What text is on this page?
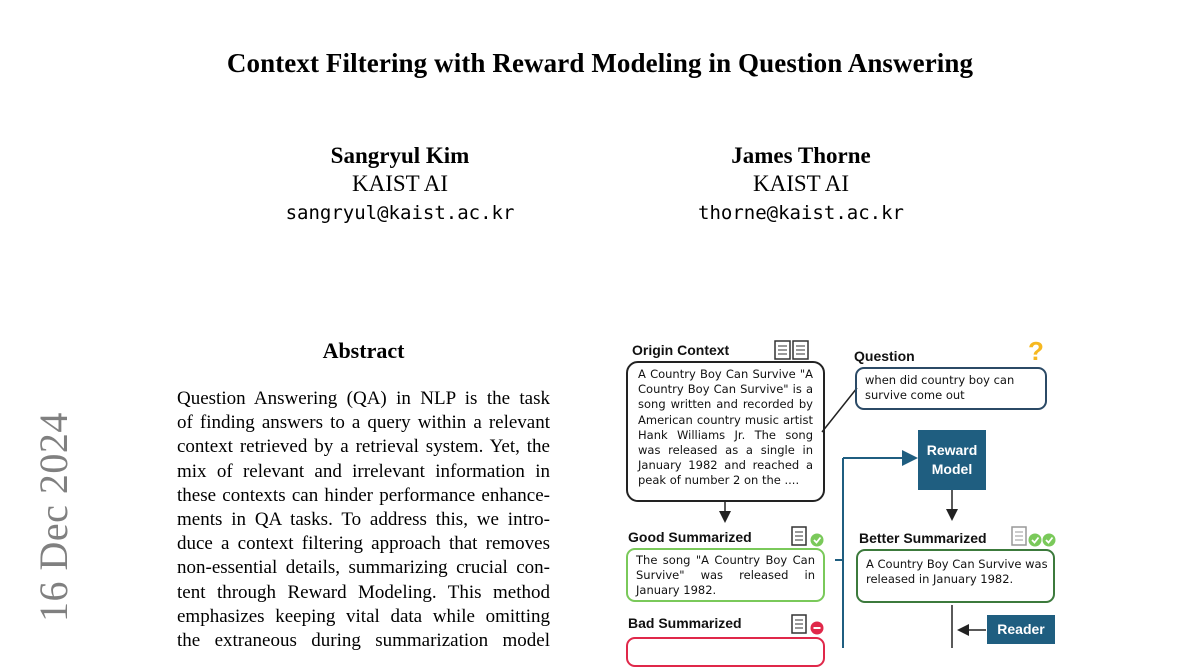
Context Filtering with Reward Modeling in Question Answering
Sangryul Kim
KAIST AI
sangryul@kaist.ac.kr
James Thorne
KAIST AI
thorne@kaist.ac.kr
16 Dec 2024
Abstract
Question Answering (QA) in NLP is the task
of finding answers to a query within a relevant
context retrieved by a retrieval system. Yet, the
mix of relevant and irrelevant information in
these contexts can hinder performance enhance-
ments in QA tasks. To address this, we intro-
duce a context filtering approach that removes
non-essential details, summarizing crucial con-
tent through Reward Modeling. This method
emphasizes keeping vital data while omitting
the extraneous during summarization model
Origin Context
A Country Boy Can Survive "A
Country Boy Can Survive" is a
song written and recorded by
American country music artist
Hank Williams Jr. The song
was released as a single in
January 1982 and reached a
peak of number 2 on the ....
Question	?
when did country boy can
survive come out
Reward
Model
Good Summarized
The song "A Country Boy Can
Survive" was released in
January 1982.
Better Summarized
A Country Boy Can Survive was
released in January 1982.
Bad Summarized	Reader
